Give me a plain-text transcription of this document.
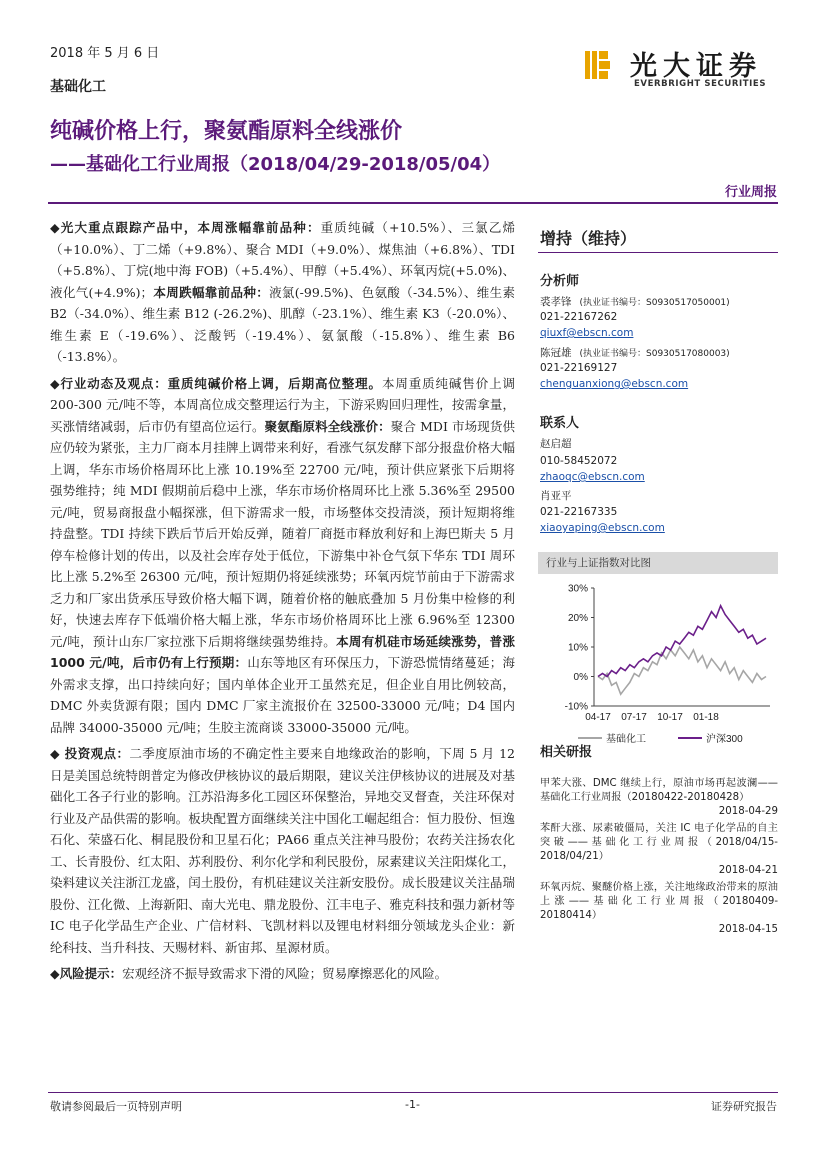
2018 年 5 月 6 日
基础化工
光大证券
EVERBRIGHT SECURITIES
纯碱价格上行，聚氨酯原料全线涨价
——基础化工行业周报（2018/04/29-2018/05/04）
行业周报

◆光大重点跟踪产品中，本周涨幅靠前品种：重质纯碱（+10.5%）、三氯乙烯（+10.0%）、丁二烯（+9.8%）、聚合 MDI（+9.0%）、煤焦油（+6.8%）、TDI（+5.8%）、丁烷(地中海 FOB)（+5.4%）、甲醇（+5.4%）、环氧丙烷(+5.0%)、液化气(+4.9%)；本周跌幅靠前品种：液氯(-99.5%)、色氨酸（-34.5%）、维生素 B2（-34.0%）、维生素 B12 (-26.2%)、肌醇（-23.1%）、维生素 K3（-20.0%）、维生素 E（-19.6%）、泛酸钙（-19.4%）、氨氯酸（-15.8%）、维生素 B6（-13.8%）。

◆行业动态及观点：重质纯碱价格上调，后期高位整理。本周重质纯碱售价上调 200-300 元/吨不等，本周高位成交整理运行为主，下游采购回归理性，按需拿量，买涨情绪减弱，后市仍有望高位运行。聚氨酯原料全线涨价：聚合 MDI 市场现货供应仍较为紧张，主力厂商本月挂牌上调带来利好，看涨气氛发酵下部分报盘价格大幅上调，华东市场价格周环比上涨 10.19%至 22700 元/吨，预计供应紧张下后期将强势维持；纯 MDI 假期前后稳中上涨，华东市场价格周环比上涨 5.36%至 29500 元/吨，贸易商报盘小幅探涨，但下游需求一般，市场整体交投清淡，预计短期将维持盘整。TDI 持续下跌后节后开始反弹，随着厂商挺市释放利好和上海巴斯夫 5 月停车检修计划的传出，以及社会库存处于低位，下游集中补仓气氛下华东 TDI 周环比上涨 5.2%至 26300 元/吨，预计短期仍将延续涨势；环氧丙烷节前由于下游需求乏力和厂家出货承压导致价格大幅下调，随着价格的触底叠加 5 月份集中检修的利好，快速去库存下低端价格大幅上涨，华东市场价格周环比上涨 6.96%至 12300 元/吨，预计山东厂家拉涨下后期将继续强势维持。本周有机硅市场延续涨势，普涨 1000 元/吨，后市仍有上行预期：山东等地区有环保压力，下游恐慌情绪蔓延；海外需求支撑，出口持续向好；国内单体企业开工虽然充足，但企业自用比例较高，DMC 外卖货源有限；国内 DMC 厂家主流报价在 32500-33000 元/吨；D4 国内品牌 34000-35000 元/吨；生胶主流商谈 33000-35000 元/吨。

◆ 投资观点：二季度原油市场的不确定性主要来自地缘政治的影响，下周 5 月 12 日是美国总统特朗普定为修改伊核协议的最后期限，建议关注伊核协议的进展及对基础化工各子行业的影响。江苏沿海多化工园区环保整治，异地交叉督查，关注环保对行业及产品供需的影响。板块配置方面继续关注中国化工崛起组合：恒力股份、恒逸石化、荣盛石化、桐昆股份和卫星石化；PA66 重点关注神马股份；农药关注扬农化工、长青股份、红太阳、苏利股份、利尔化学和利民股份，尿素建议关注阳煤化工，染料建议关注浙江龙盛，闰土股份，有机硅建议关注新安股份。成长股建议关注晶瑞股份、江化微、上海新阳、南大光电、鼎龙股份、江丰电子、雅克科技和强力新材等 IC 电子化学品生产企业、广信材料、飞凯材料以及锂电材料细分领域龙头企业：新纶科技、当升科技、天赐材料、新宙邦、星源材质。

◆风险提示：宏观经济不振导致需求下滑的风险；贸易摩擦恶化的风险。

增持（维持）
分析师
裘孝锋 (执业证书编号：S0930517050001)
021-22167262
qiuxf@ebscn.com
陈冠雄 (执业证书编号：S0930517080003)
021-22169127
chenguanxiong@ebscn.com
联系人
赵启超
010-58452072
zhaoqc@ebscn.com
肖亚平
021-22167335
xiaoyaping@ebscn.com
行业与上证指数对比图
30%
20%
10%
0%
-10%
04-17 07-17 10-17 01-18
基础化工	沪深300
相关研报
甲苯大涨、DMC 继续上行，原油市场再起波澜——基础化工行业周报（20180422-20180428）
2018-04-29
苯酐大涨、尿素破僵局，关注 IC 电子化学品的自主突破——基础化工行业周报（2018/04/15-2018/04/21）
2018-04-21
环氧丙烷、聚醚价格上涨，关注地缘政治带来的原油上涨——基础化工行业周报（20180409-20180414）
2018-04-15
敬请参阅最后一页特别声明	-1-	证券研究报告
